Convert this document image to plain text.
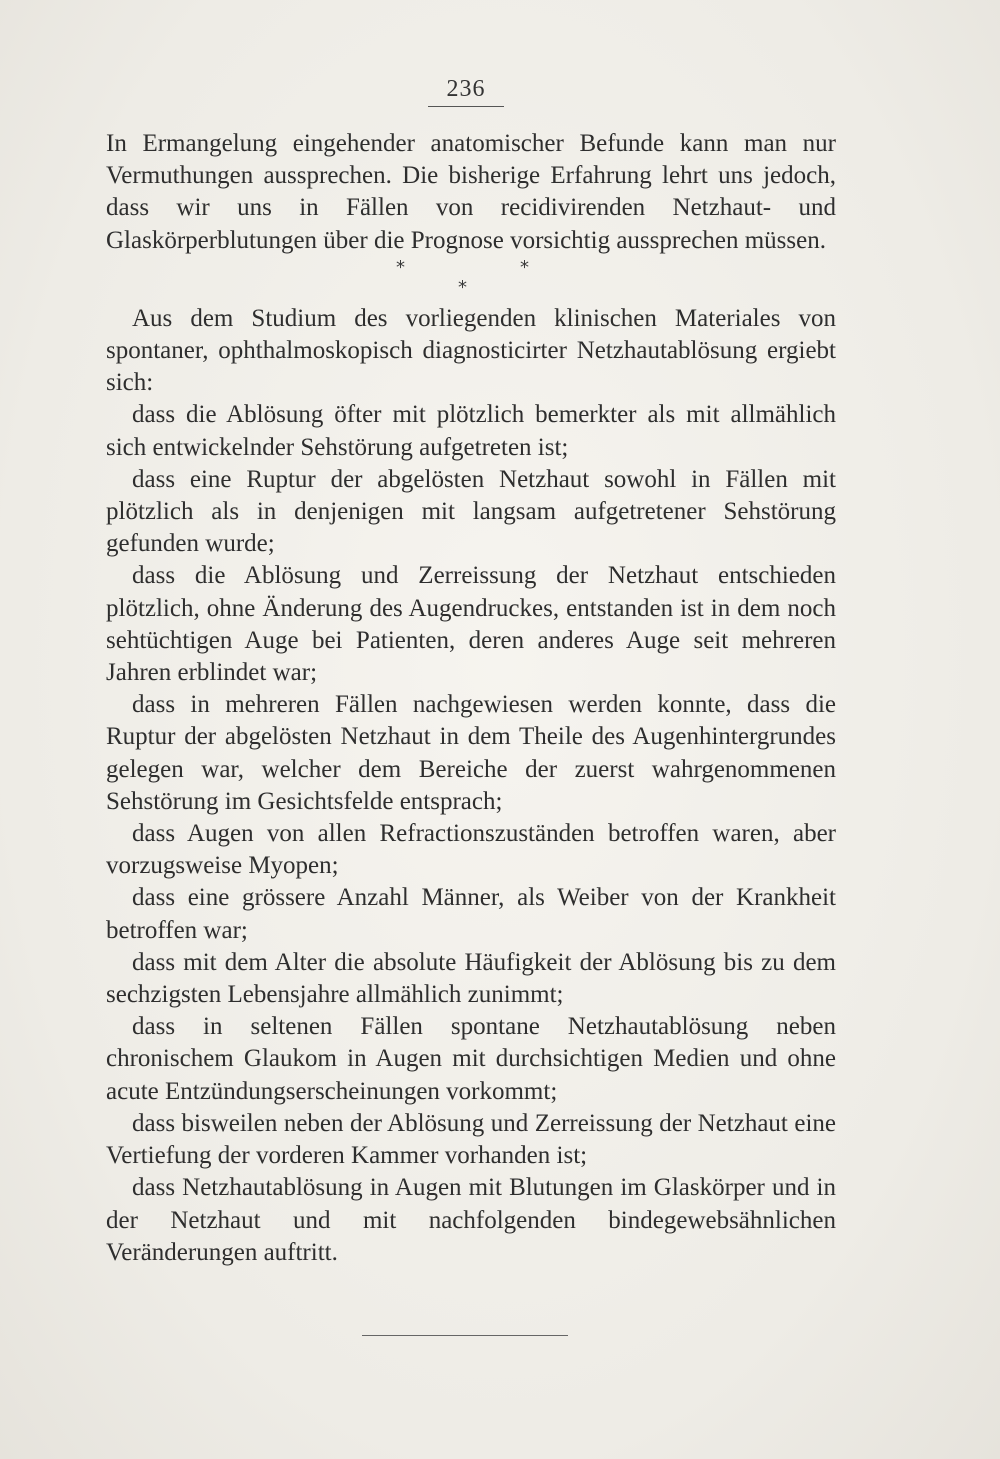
236

In Ermangelung eingehender anatomischer Befunde kann man nur Vermuthungen aussprechen. Die bisherige Erfahrung lehrt uns jedoch, dass wir uns in Fällen von recidivirenden Netzhaut- und Glaskörperblutungen über die Prognose vorsichtig aussprechen müssen.

*	*
*

Aus dem Studium des vorliegenden klinischen Materiales von spontaner, ophthalmoskopisch diagnosticirter Netzhautablösung ergiebt sich:

dass die Ablösung öfter mit plötzlich bemerkter als mit allmählich sich entwickelnder Sehstörung aufgetreten ist;

dass eine Ruptur der abgelösten Netzhaut sowohl in Fällen mit plötzlich als in denjenigen mit langsam aufgetretener Sehstörung gefunden wurde;

dass die Ablösung und Zerreissung der Netzhaut entschieden plötzlich, ohne Änderung des Augendruckes, entstanden ist in dem noch sehtüchtigen Auge bei Patienten, deren anderes Auge seit mehreren Jahren erblindet war;

dass in mehreren Fällen nachgewiesen werden konnte, dass die Ruptur der abgelösten Netzhaut in dem Theile des Augenhintergrundes gelegen war, welcher dem Bereiche der zuerst wahrgenommenen Sehstörung im Gesichtsfelde entsprach;

dass Augen von allen Refractionszuständen betroffen waren, aber vorzugsweise Myopen;

dass eine grössere Anzahl Männer, als Weiber von der Krankheit betroffen war;

dass mit dem Alter die absolute Häufigkeit der Ablösung bis zu dem sechzigsten Lebensjahre allmählich zunimmt;

dass in seltenen Fällen spontane Netzhautablösung neben chronischem Glaukom in Augen mit durchsichtigen Medien und ohne acute Entzündungserscheinungen vorkommt;

dass bisweilen neben der Ablösung und Zerreissung der Netzhaut eine Vertiefung der vorderen Kammer vorhanden ist;

dass Netzhautablösung in Augen mit Blutungen im Glaskörper und in der Netzhaut und mit nachfolgenden bindegewebsähnlichen Veränderungen auftritt.
